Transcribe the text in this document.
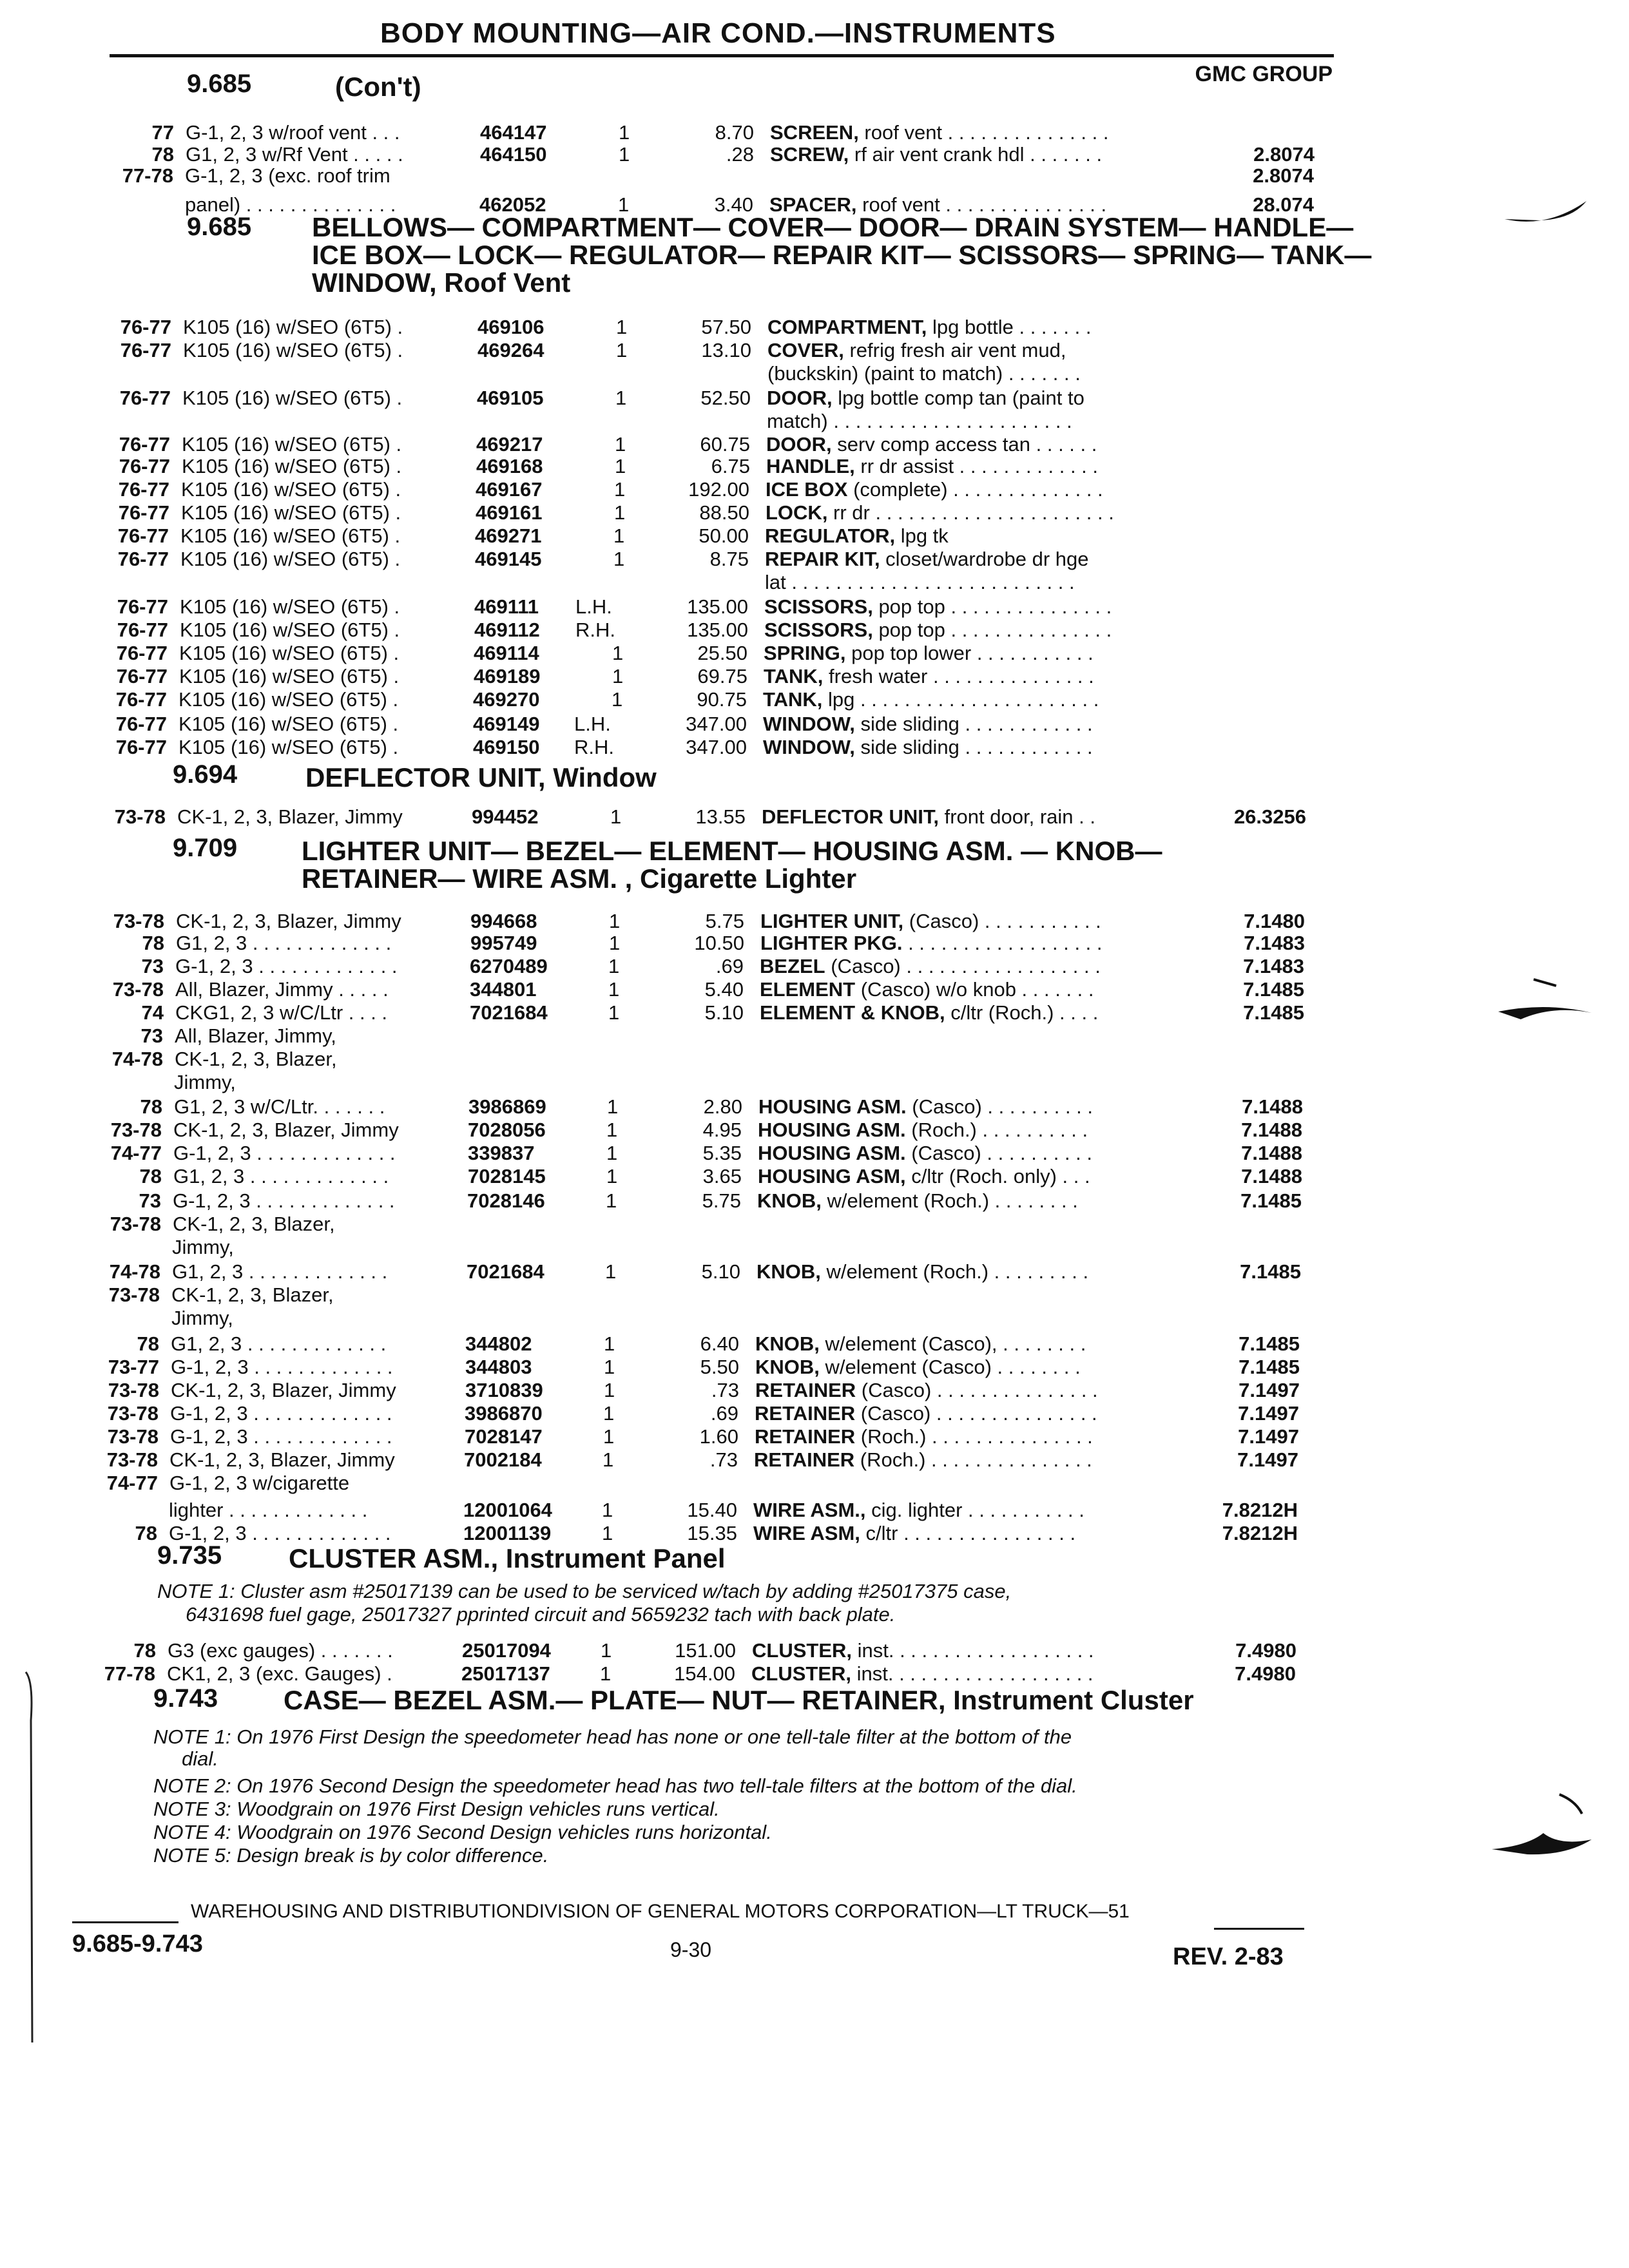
BODY MOUNTING—AIR COND.—INSTRUMENTS
GMC GROUP
9.685	(Con't)
9.685 BELLOWS— COMPARTMENT— COVER— DOOR— DRAIN SYSTEM— HANDLE— ICE BOX— LOCK— REGULATOR— REPAIR KIT— SCISSORS— SPRING— TANK— WINDOW, Roof Vent
9.694	DEFLECTOR UNIT, Window
9.709 LIGHTER UNIT— BEZEL— ELEMENT— HOUSING ASM. — KNOB— RETAINER— WIRE ASM. , Cigarette Lighter
9.735 CLUSTER ASM., Instrument Panel
9.743 CASE— BEZEL ASM.— PLATE— NUT— RETAINER, Instrument Cluster
77 G-1, 2, 3 w/roof vent . . .	464147	1	8.70 SCREEN, roof vent . . . . . . . . . . . . . . .
78 G1, 2, 3 w/Rf Vent . . . . .	464150	1	.28 SCREW, rf air vent crank hdl . . . . . . .	2.8074
77-78 G-1, 2, 3 (exc. roof trim	2.8074
panel) . . . . . . . . . . . . . .	462052	1	3.40 SPACER, roof vent . . . . . . . . . . . . . . .	28.074
76-77 K105 (16) w/SEO (6T5) .	469106	1	57.50 COMPARTMENT, lpg bottle . . . . . . .
76-77 K105 (16) w/SEO (6T5) .	469264	1	13.10 COVER, refrig fresh air vent mud,
(buckskin) (paint to match) . . . . . . .
76-77 K105 (16) w/SEO (6T5) .	469105	1	52.50 DOOR, lpg bottle comp tan (paint to
match) . . . . . . . . . . . . . . . . . . . . . .
76-77 K105 (16) w/SEO (6T5) .	469217	1	60.75 DOOR, serv comp access tan . . . . . .
76-77 K105 (16) w/SEO (6T5) .	469168	1	6.75 HANDLE, rr dr assist . . . . . . . . . . . . .
76-77 K105 (16) w/SEO (6T5) .	469167	1	192.00 ICE BOX (complete) . . . . . . . . . . . . . .
76-77 K105 (16) w/SEO (6T5) .	469161	1	88.50 LOCK, rr dr . . . . . . . . . . . . . . . . . . . . . .
76-77 K105 (16) w/SEO (6T5) .	469271	1	50.00 REGULATOR, lpg tk
76-77 K105 (16) w/SEO (6T5) .	469145	1	8.75 REPAIR KIT, closet/wardrobe dr hge
lat . . . . . . . . . . . . . . . . . . . . . . . . . .
76-77 K105 (16) w/SEO (6T5) .	469111 L.H.	135.00 SCISSORS, pop top . . . . . . . . . . . . . . .
76-77 K105 (16) w/SEO (6T5) .	469112 R.H.	135.00 SCISSORS, pop top . . . . . . . . . . . . . . .
76-77 K105 (16) w/SEO (6T5) .	469114	1	25.50 SPRING, pop top lower . . . . . . . . . . .
76-77 K105 (16) w/SEO (6T5) .	469189	1	69.75 TANK, fresh water . . . . . . . . . . . . . . .
76-77 K105 (16) w/SEO (6T5) .	469270	1	90.75 TANK, lpg . . . . . . . . . . . . . . . . . . . . . .
76-77 K105 (16) w/SEO (6T5) .	469149 L.H.	347.00 WINDOW, side sliding . . . . . . . . . . . .
76-77 K105 (16) w/SEO (6T5) .	469150 R.H.	347.00 WINDOW, side sliding . . . . . . . . . . . .
73-78 CK-1, 2, 3, Blazer, Jimmy	994452	1	13.55 DEFLECTOR UNIT, front door, rain . .	26.3256
73-78 CK-1, 2, 3, Blazer, Jimmy	994668	1	5.75 LIGHTER UNIT, (Casco) . . . . . . . . . . .	7.1480
78 G1, 2, 3 . . . . . . . . . . . . .	995749	1	10.50 LIGHTER PKG. . . . . . . . . . . . . . . . . . .	7.1483
73 G-1, 2, 3 . . . . . . . . . . . . .	6270489	1	.69 BEZEL (Casco) . . . . . . . . . . . . . . . . . .	7.1483
73-78 All, Blazer, Jimmy . . . . .	344801	1	5.40 ELEMENT (Casco) w/o knob . . . . . . .	7.1485
74 CKG1, 2, 3 w/C/Ltr . . . .	7021684	1	5.10 ELEMENT & KNOB, c/ltr (Roch.) . . . .	7.1485
73 All, Blazer, Jimmy,
74-78 CK-1, 2, 3, Blazer,
Jimmy,
78 G1, 2, 3 w/C/Ltr. . . . . . .	3986869	1	2.80 HOUSING ASM. (Casco) . . . . . . . . . .	7.1488
73-78 CK-1, 2, 3, Blazer, Jimmy	7028056	1	4.95 HOUSING ASM. (Roch.) . . . . . . . . . .	7.1488
74-77 G-1, 2, 3 . . . . . . . . . . . . .	339837	1	5.35 HOUSING ASM. (Casco) . . . . . . . . . .	7.1488
78 G1, 2, 3 . . . . . . . . . . . . .	7028145	1	3.65 HOUSING ASM, c/ltr (Roch. only) . . .	7.1488
73 G-1, 2, 3 . . . . . . . . . . . . .	7028146	1	5.75 KNOB, w/element (Roch.) . . . . . . . .	7.1485
73-78 CK-1, 2, 3, Blazer,
Jimmy,
74-78 G1, 2, 3 . . . . . . . . . . . . .	7021684	1	5.10 KNOB, w/element (Roch.) . . . . . . . . .	7.1485
73-78 CK-1, 2, 3, Blazer,
Jimmy,
78 G1, 2, 3 . . . . . . . . . . . . .	344802	1	6.40 KNOB, w/element (Casco), . . . . . . . .	7.1485
73-77 G-1, 2, 3 . . . . . . . . . . . . .	344803	1	5.50 KNOB, w/element (Casco) . . . . . . . .	7.1485
73-78 CK-1, 2, 3, Blazer, Jimmy	3710839	1	.73 RETAINER (Casco) . . . . . . . . . . . . . . .	7.1497
73-78 G-1, 2, 3 . . . . . . . . . . . . .	3986870	1	.69 RETAINER (Casco) . . . . . . . . . . . . . . .	7.1497
73-78 G-1, 2, 3 . . . . . . . . . . . . .	7028147	1	1.60 RETAINER (Roch.) . . . . . . . . . . . . . . .	7.1497
73-78 CK-1, 2, 3, Blazer, Jimmy	7002184	1	.73 RETAINER (Roch.) . . . . . . . . . . . . . . .	7.1497
74-77 G-1, 2, 3 w/cigarette
lighter . . . . . . . . . . . . .	12001064 1	15.40 WIRE ASM., cig. lighter . . . . . . . . . . .	7.8212H
78 G-1, 2, 3 . . . . . . . . . . . . .	12001139	1	15.35 WIRE ASM, c/ltr . . . . . . . . . . . . . . . .	7.8212H
78 G3 (exc gauges) . . . . . . .	25017094 1	151.00 CLUSTER, inst. . . . . . . . . . . . . . . . . . .	7.4980
77-78 CK1, 2, 3 (exc. Gauges) .	25017137 1	154.00 CLUSTER, inst. . . . . . . . . . . . . . . . . . .	7.4980
NOTE 1: Cluster asm #25017139 can be used to be serviced w/tach by adding #25017375 case,
6431698 fuel gage, 25017327 pprinted circuit and 5659232 tach with back plate.
NOTE 1: On 1976 First Design the speedometer head has none or one tell-tale filter at the bottom of the
dial.
NOTE 2: On 1976 Second Design the speedometer head has two tell-tale filters at the bottom of the dial.
NOTE 3: Woodgrain on 1976 First Design vehicles runs vertical.
NOTE 4: Woodgrain on 1976 Second Design vehicles runs horizontal.
NOTE 5: Design break is by color difference.
WAREHOUSING AND DISTRIBUTIONDIVISION OF GENERAL MOTORS CORPORATION—LT TRUCK—51
9.685-9.743	9-30	REV. 2-83
